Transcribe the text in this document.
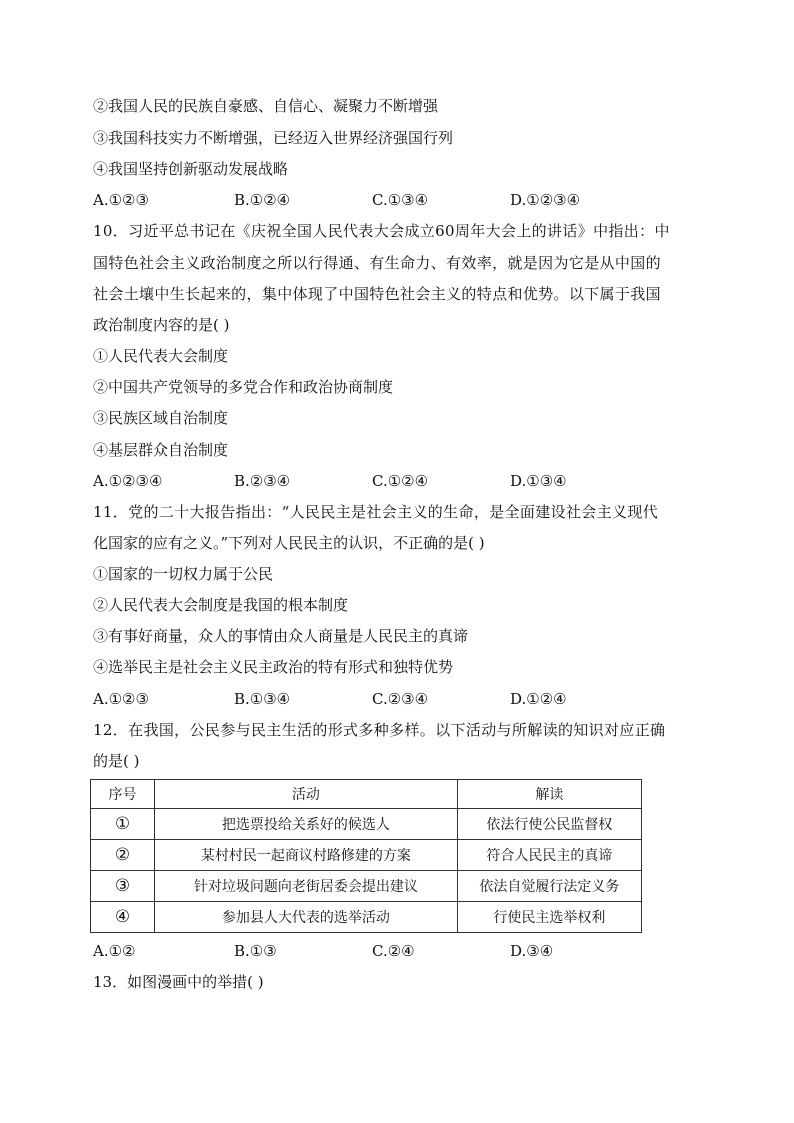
②我国人民的民族自豪感、自信心、凝聚力不断增强
③我国科技实力不断增强，已经迈入世界经济强国行列
④我国坚持创新驱动发展战略
A.①②③	B.①②④	C.①③④	D.①②③④
10．习近平总书记在《庆祝全国人民代表大会成立60周年大会上的讲话》中指出：中
国特色社会主义政治制度之所以行得通、有生命力、有效率，就是因为它是从中国的
社会土壤中生长起来的，集中体现了中国特色社会主义的特点和优势。以下属于我国
政治制度内容的是( )
①人民代表大会制度
②中国共产党领导的多党合作和政治协商制度
③民族区域自治制度
④基层群众自治制度
A.①②③④	B.②③④	C.①②④	D.①③④
11．党的二十大报告指出：“人民民主是社会主义的生命，是全面建设社会主义现代
化国家的应有之义。”下列对人民民主的认识，不正确的是( )
①国家的一切权力属于公民
②人民代表大会制度是我国的根本制度
③有事好商量，众人的事情由众人商量是人民民主的真谛
④选举民主是社会主义民主政治的特有形式和独特优势
A.①②③	B.①③④	C.②③④	D.①②④
12．在我国，公民参与民主生活的形式多种多样。以下活动与所解读的知识对应正确
的是( )
序号	活动	解读
①	把选票投给关系好的候选人	依法行使公民监督权
②	某村村民一起商议村路修建的方案	符合人民民主的真谛
③	针对垃圾问题向老街居委会提出建议	依法自觉履行法定义务
④	参加县人大代表的选举活动	行使民主选举权利
A.①②	B.①③	C.②④	D.③④
13．如图漫画中的举措( )
